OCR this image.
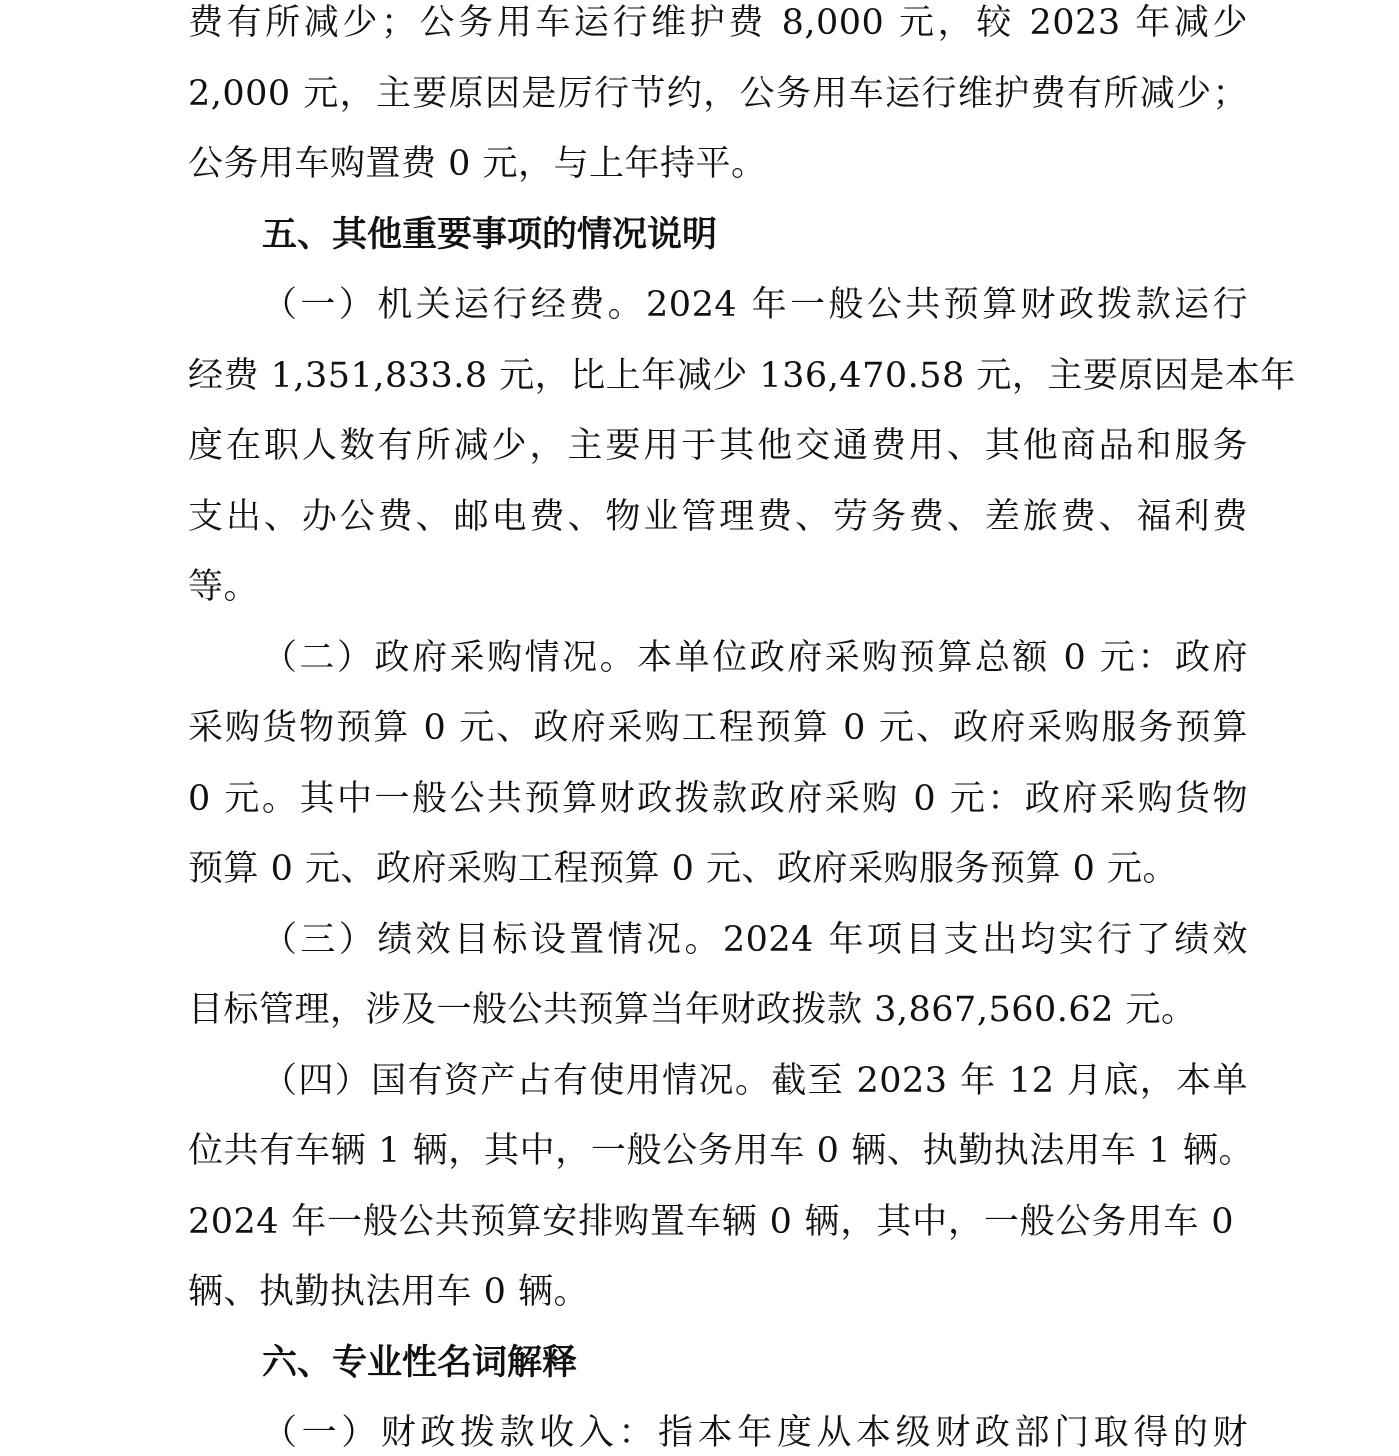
费有所减少；公务用车运行维护费 8,000 元，较 2023 年减少
2,000 元，主要原因是厉行节约，公务用车运行维护费有所减少；
公务用车购置费 0 元，与上年持平。
五、其他重要事项的情况说明
（一）机关运行经费。2024 年一般公共预算财政拨款运行
经费 1,351,833.8 元，比上年减少 136,470.58 元，主要原因是本年
度在职人数有所减少，主要用于其他交通费用、其他商品和服务
支出、办公费、邮电费、物业管理费、劳务费、差旅费、福利费
等。
（二）政府采购情况。本单位政府采购预算总额 0 元：政府
采购货物预算 0 元、政府采购工程预算 0 元、政府采购服务预算
0 元。其中一般公共预算财政拨款政府采购 0 元：政府采购货物
预算 0 元、政府采购工程预算 0 元、政府采购服务预算 0 元。
（三）绩效目标设置情况。2024 年项目支出均实行了绩效
目标管理，涉及一般公共预算当年财政拨款 3,867,560.62 元。
（四）国有资产占有使用情况。截至 2023 年 12 月底，本单
位共有车辆 1 辆，其中，一般公务用车 0 辆、执勤执法用车 1 辆。
2024 年一般公共预算安排购置车辆 0 辆，其中，一般公务用车 0
辆、执勤执法用车 0 辆。
六、专业性名词解释
（一）财政拨款收入：指本年度从本级财政部门取得的财
